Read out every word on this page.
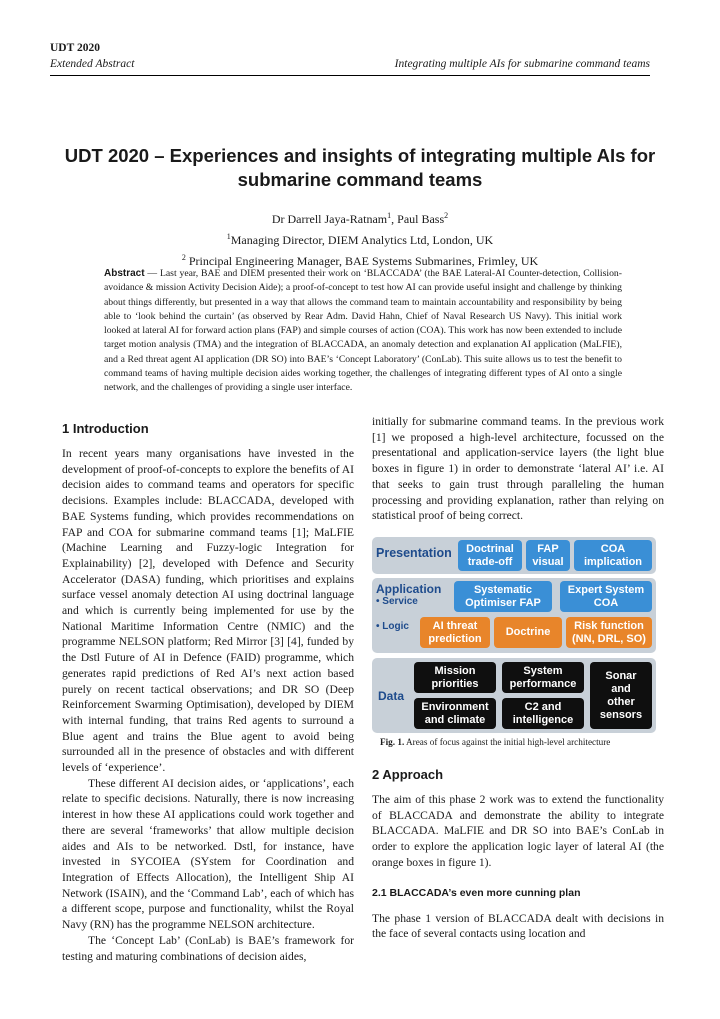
UDT 2020
Extended Abstract	Integrating multiple AIs for submarine command teams
UDT 2020 – Experiences and insights of integrating multiple AIs for
submarine command teams
Dr Darrell Jaya-Ratnam$^1$, Paul Bass$^2$
$^1$Managing Director, DIEM Analytics Ltd, London, UK
$^2$ Principal Engineering Manager, BAE Systems Submarines, Frimley, UK
Abstract — Last year, BAE and DIEM presented their work on ‘BLACCADA’ (the BAE Lateral-AI Counter-detection, Collision-avoidance & mission Activity Decision Aide); a proof-of-concept to test how AI can provide useful insight and challenge by thinking about things differently, but presented in a way that allows the command team to maintain accountability and responsibility by being able to ‘look behind the curtain’ (as observed by Rear Adm. David Hahn, Chief of Naval Research US Navy). This initial work looked at lateral AI for forward action plans (FAP) and simple courses of action (COA). This work has now been extended to include target motion analysis (TMA) and the integration of BLACCADA, an anomaly detection and explanation AI application (MaLFIE), and a Red threat agent AI application (DR SO) into BAE’s ‘Concept Laboratory’ (ConLab). This suite allows us to test the benefit to command teams of having multiple decision aides working together, the challenges of integrating different types of AI onto a single network, and the challenges of providing a single user interface.
1 Introduction

In recent years many organisations have invested in the development of proof-of-concepts to explore the benefits of AI decision aides to command teams and operators for specific decisions. Examples include: BLACCADA, developed with BAE Systems funding, which provides recommendations on FAP and COA for submarine command teams [1]; MaLFIE (Machine Learning and Fuzzy-logic Integration for Explainability) [2], developed with Defence and Security Accelerator (DASA) funding, which prioritises and explains surface vessel anomaly detection AI using doctrinal language and which is currently being implemented for use by the National Maritime Information Centre (NMIC) and the programme NELSON platform; Red Mirror [3] [4], funded by the Dstl Future of AI in Defence (FAID) programme, which generates rapid predictions of Red AI’s next action based purely on recent tactical observations; and DR SO (Deep Reinforcement Swarming Optimisation), developed by DIEM with internal funding, that trains Red agents to surround a Blue agent and trains the Blue agent to avoid being surrounded all in the presence of obstacles and with different levels of ‘experience’.

These different AI decision aides, or ‘applications’, each relate to specific decisions. Naturally, there is now increasing interest in how these AI applications could work together and there are several ‘frameworks’ that allow multiple decision aides and AIs to be networked. Dstl, for instance, have invested in SYCOIEA (SYstem for Coordination and Integration of Effects Allocation), the Intelligent Ship AI Network (ISAIN), and the ‘Command Lab’, each of which has a different scope, purpose and functionality, whilst the Royal Navy (RN) has the programme NELSON architecture.

The ‘Concept Lab’ (ConLab) is BAE’s framework for testing and maturing combinations of decision aides,

initially for submarine command teams. In the previous work [1] we proposed a high-level architecture, focussed on the presentational and application-service layers (the light blue boxes in figure 1) in order to demonstrate ‘lateral AI’ i.e. AI that seeks to gain trust through paralleling the human processing and providing explanation, rather than relying on statistical proof of being correct.

Presentation Doctrinal
trade-off
FAP
visual
COA
implication
Application
• Service
• Logic
Systematic
Optimiser FAP
Expert System
COA
AI threat
prediction
Doctrine
Risk function
(NN, DRL, SO)
Data
Mission
priorities
System
performance
Sonar
and
other
sensors
Environment
and climate
C2 and
intelligence
Fig. 1. Areas of focus against the initial high-level architecture
2 Approach

The aim of this phase 2 work was to extend the functionality of BLACCADA and demonstrate the ability to integrate BLACCADA. MaLFIE and DR SO into BAE’s ConLab in order to explore the application logic layer of lateral AI (the orange boxes in figure 1).

2.1 BLACCADA’s even more cunning plan

The phase 1 version of BLACCADA dealt with decisions in the face of several contacts using location and
